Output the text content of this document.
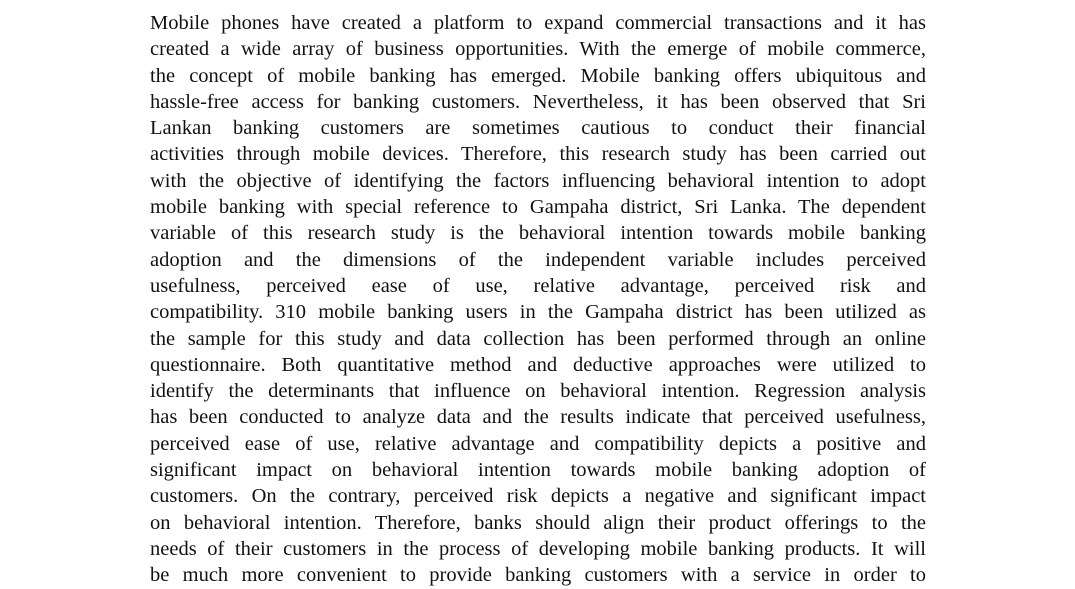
Mobile phones have created a platform to expand commercial transactions and it has
created a wide array of business opportunities. With the emerge of mobile commerce,
the concept of mobile banking has emerged. Mobile banking offers ubiquitous and
hassle-free access for banking customers. Nevertheless, it has been observed that Sri
Lankan banking customers are sometimes cautious to conduct their financial
activities through mobile devices. Therefore, this research study has been carried out
with the objective of identifying the factors influencing behavioral intention to adopt
mobile banking with special reference to Gampaha district, Sri Lanka. The dependent
variable of this research study is the behavioral intention towards mobile banking
adoption and the dimensions of the independent variable includes perceived
usefulness, perceived ease of use, relative advantage, perceived risk and
compatibility. 310 mobile banking users in the Gampaha district has been utilized as
the sample for this study and data collection has been performed through an online
questionnaire. Both quantitative method and deductive approaches were utilized to
identify the determinants that influence on behavioral intention. Regression analysis
has been conducted to analyze data and the results indicate that perceived usefulness,
perceived ease of use, relative advantage and compatibility depicts a positive and
significant impact on behavioral intention towards mobile banking adoption of
customers. On the contrary, perceived risk depicts a negative and significant impact
on behavioral intention. Therefore, banks should align their product offerings to the
needs of their customers in the process of developing mobile banking products. It will
be much more convenient to provide banking customers with a service in order to
